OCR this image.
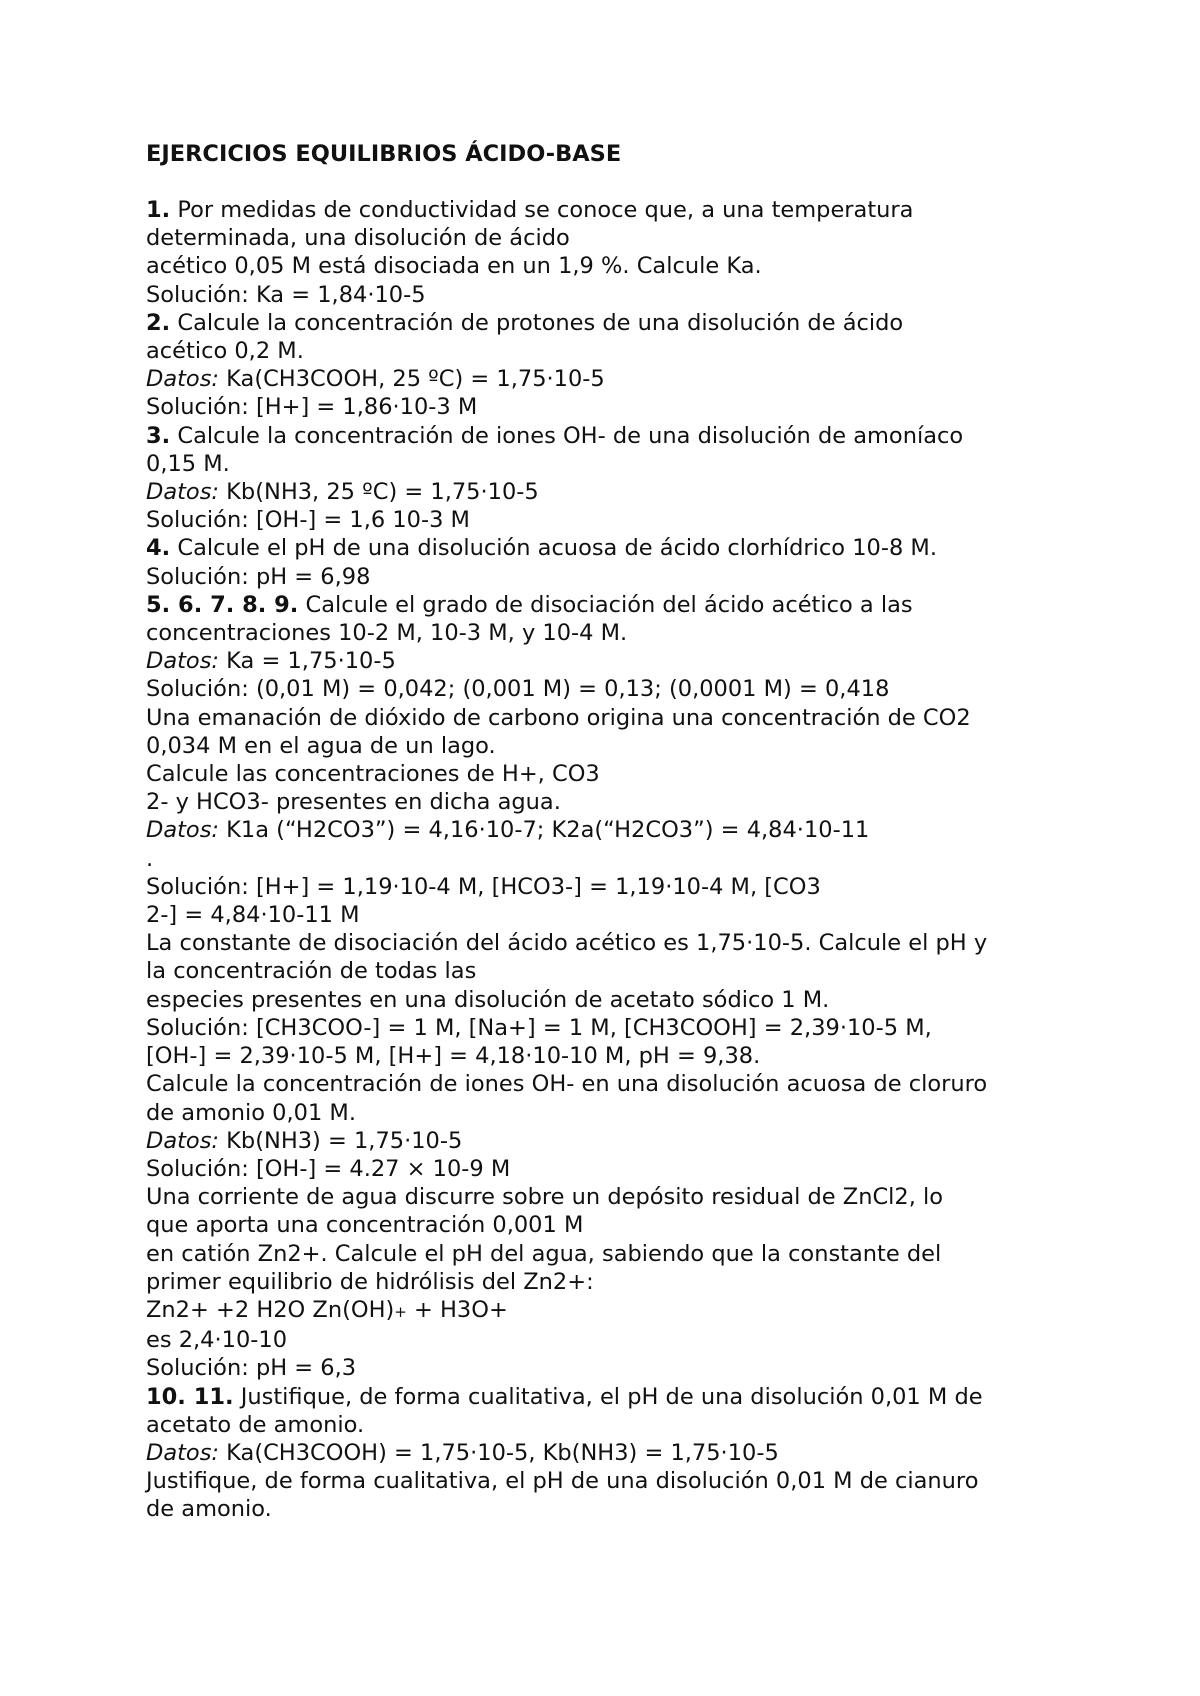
EJERCICIOS EQUILIBRIOS ÁCIDO-BASE
1. Por medidas de conductividad se conoce que, a una temperatura
determinada, una disolución de ácido
acético 0,05 M está disociada en un 1,9 %. Calcule Ka.
Solución: Ka = 1,84·10-5
2. Calcule la concentración de protones de una disolución de ácido
acético 0,2 M.
Datos: Ka(CH3COOH, 25 ºC) = 1,75·10-5
Solución: [H+] = 1,86·10-3 M
3. Calcule la concentración de iones OH- de una disolución de amoníaco
0,15 M.
Datos: Kb(NH3, 25 ºC) = 1,75·10-5
Solución: [OH-] = 1,6 10-3 M
4. Calcule el pH de una disolución acuosa de ácido clorhídrico 10-8 M.
Solución: pH = 6,98
5. 6. 7. 8. 9. Calcule el grado de disociación del ácido acético a las
concentraciones 10-2 M, 10-3 M, y 10-4 M.
Datos: Ka = 1,75·10-5
Solución: (0,01 M) = 0,042; (0,001 M) = 0,13; (0,0001 M) = 0,418
Una emanación de dióxido de carbono origina una concentración de CO2
0,034 M en el agua de un lago.
Calcule las concentraciones de H+, CO3
2- y HCO3- presentes en dicha agua.
Datos: K1a (“H2CO3”) = 4,16·10-7; K2a(“H2CO3”) = 4,84·10-11
.
Solución: [H+] = 1,19·10-4 M, [HCO3-] = 1,19·10-4 M, [CO3
2-] = 4,84·10-11 M
La constante de disociación del ácido acético es 1,75·10-5. Calcule el pH y
la concentración de todas las
especies presentes en una disolución de acetato sódico 1 M.
Solución: [CH3COO-] = 1 M, [Na+] = 1 M, [CH3COOH] = 2,39·10-5 M,
[OH-] = 2,39·10-5 M, [H+] = 4,18·10-10 M, pH = 9,38.
Calcule la concentración de iones OH- en una disolución acuosa de cloruro
de amonio 0,01 M.
Datos: Kb(NH3) = 1,75·10-5
Solución: [OH-] = 4.27 × 10-9 M
Una corriente de agua discurre sobre un depósito residual de ZnCl2, lo
que aporta una concentración 0,001 M
en catión Zn2+. Calcule el pH del agua, sabiendo que la constante del
primer equilibrio de hidrólisis del Zn2+:
Zn2+ +2 H2O Zn(OH)+ + H3O+
es 2,4·10-10
Solución: pH = 6,3
10. 11. Justifique, de forma cualitativa, el pH de una disolución 0,01 M de
acetato de amonio.
Datos: Ka(CH3COOH) = 1,75·10-5, Kb(NH3) = 1,75·10-5
Justifique, de forma cualitativa, el pH de una disolución 0,01 M de cianuro
de amonio.
